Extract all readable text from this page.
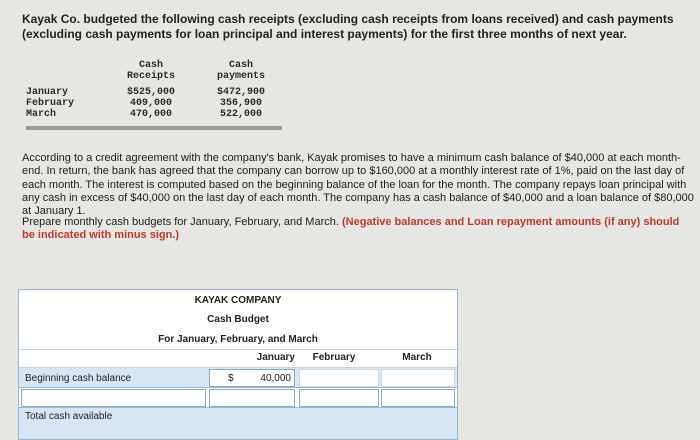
Kayak Co. budgeted the following cash receipts (excluding cash receipts from loans received) and cash payments (excluding cash payments for loan principal and interest payments) for the first three months of next year.
Cash
Receipts
Cash
payments
January	$525,000	$472,900
February	409,000	356,900
March	470,000	522,000
According to a credit agreement with the company's bank, Kayak promises to have a minimum cash balance of $40,000 at each month-end. In return, the bank has agreed that the company can borrow up to $160,000 at a monthly interest rate of 1%, paid on the last day of each month. The interest is computed based on the beginning balance of the loan for the month. The company repays loan principal with any cash in excess of $40,000 on the last day of each month. The company has a cash balance of $40,000 and a loan balance of $80,000 at January 1.
Prepare monthly cash budgets for January, February, and March. (Negative balances and Loan repayment amounts (if any) should be indicated with minus sign.)
KAYAK COMPANY
Cash Budget
For January, February, and March
January	February	March
Beginning cash balance	$	40,000
Total cash available
